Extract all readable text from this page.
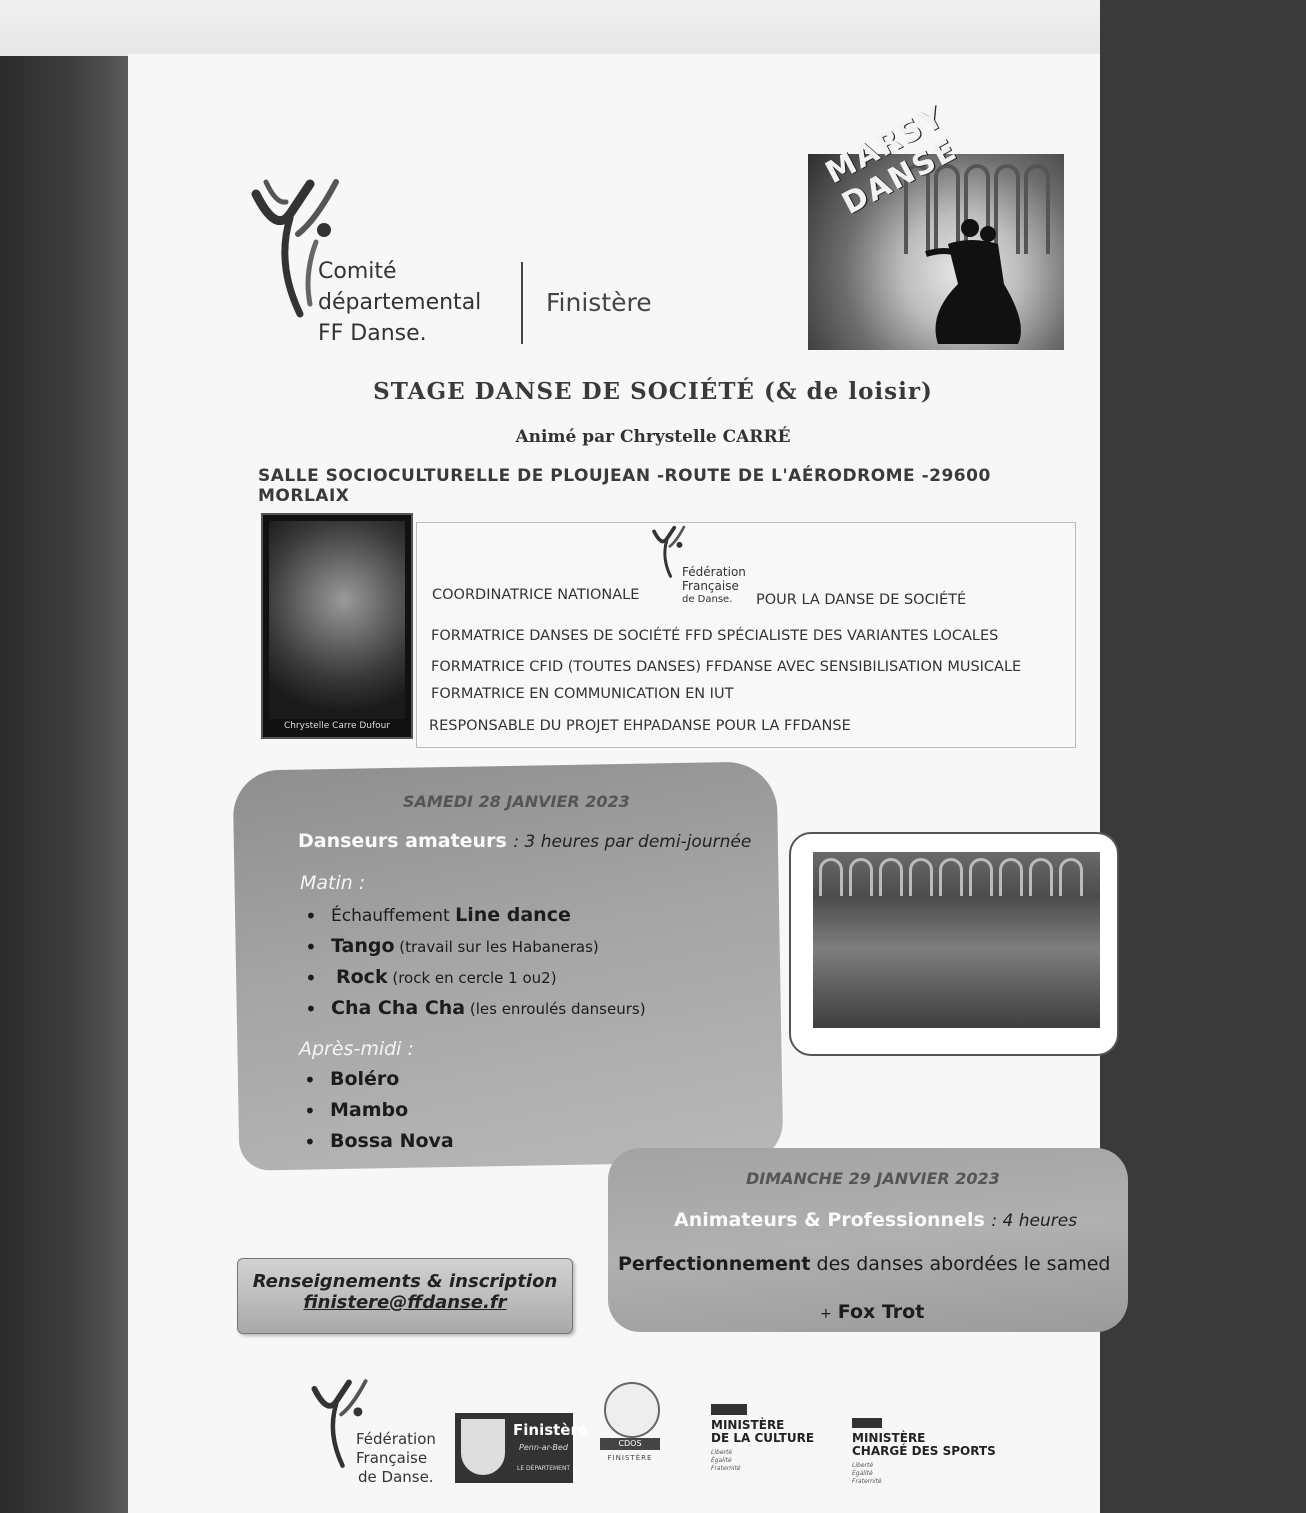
Comité
départemental
FF Danse.
Finistère
MARSY DANSE
STAGE DANSE DE SOCIÉTÉ (& de loisir)
Animé par Chrystelle CARRÉ
SALLE SOCIOCULTURELLE DE PLOUJEAN -ROUTE DE L'AÉRODROME -29600 MORLAIX
Chrystelle Carre Dufour
Fédération
Française
de Danse.
COORDINATRICE NATIONALE	POUR LA DANSE DE SOCIÉTÉ
FORMATRICE DANSES DE SOCIÉTÉ FFD SPÉCIALISTE DES VARIANTES LOCALES
FORMATRICE CFID (TOUTES DANSES) FFDANSE AVEC SENSIBILISATION MUSICALE
FORMATRICE EN COMMUNICATION EN IUT
RESPONSABLE DU PROJET EHPADANSE POUR LA FFDANSE
SAMEDI 28 JANVIER 2023
Danseurs amateurs : 3 heures par demi-journée
Matin :
• Échauffement Line dance
• Tango (travail sur les Habaneras)
• Rock (rock en cercle 1 ou2)
• Cha Cha Cha (les enroulés danseurs)
Après-midi :
• Boléro
• Mambo
• Bossa Nova
DIMANCHE 29 JANVIER 2023
Animateurs & Professionnels : 4 heures
Perfectionnement des danses abordées le samed
+ Fox Trot
Renseignements & inscription
finistere@ffdanse.fr
Fédération
Française
de Danse.
Finistère
Penn-ar-Bed
LE DÉPARTEMENT
CDOS
FINISTÈRE
MINISTÈRE
DE LA CULTURE
Liberté
Égalité
Fraternité
MINISTÈRE
CHARGÉ DES SPORTS
Liberté
Égalité
Fraternité
